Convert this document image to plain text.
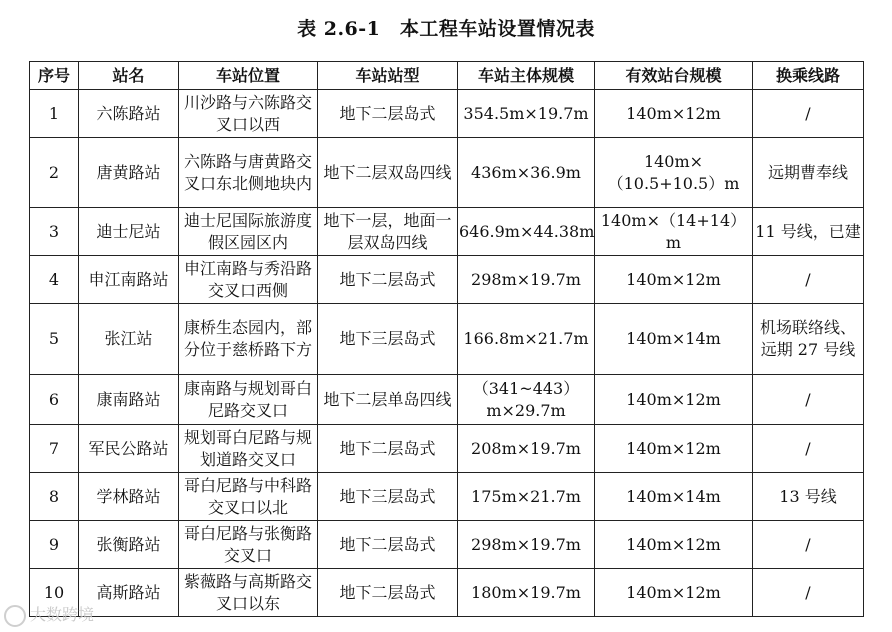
表 2.6-1　本工程车站设置情况表
序号	站名	车站位置	车站站型	车站主体规模	有效站台规模	换乘线路
1	六陈路站	川沙路与六陈路交叉口以西	地下二层岛式	354.5m×19.7m	140m×12m	/
2	唐黄路站	六陈路与唐黄路交叉口东北侧地块内	地下二层双岛四线	436m×36.9m	140m×（10.5+10.5）m	远期曹奉线
3	迪士尼站	迪士尼国际旅游度假区园区内	地下一层，地面一层双岛四线	646.9m×44.38m	140m×（14+14）m	11 号线，已建
4	申江南路站	申江南路与秀沿路交叉口西侧	地下二层岛式	298m×19.7m	140m×12m	/
5	张江站	康桥生态园内，部分位于慈桥路下方	地下三层岛式	166.8m×21.7m	140m×14m	机场联络线、远期 27 号线
6	康南路站	康南路与规划哥白尼路交叉口	地下二层单岛四线	（341~443）m×29.7m	140m×12m	/
7	军民公路站	规划哥白尼路与规划道路交叉口	地下二层岛式	208m×19.7m	140m×12m	/
8	学林路站	哥白尼路与中科路交叉口以北	地下三层岛式	175m×21.7m	140m×14m	13 号线
9	张衡路站	哥白尼路与张衡路交叉口	地下二层岛式	298m×19.7m	140m×12m	/
10	高斯路站	紫薇路与高斯路交叉口以东	地下二层岛式	180m×19.7m	140m×12m	/
大数跨境
